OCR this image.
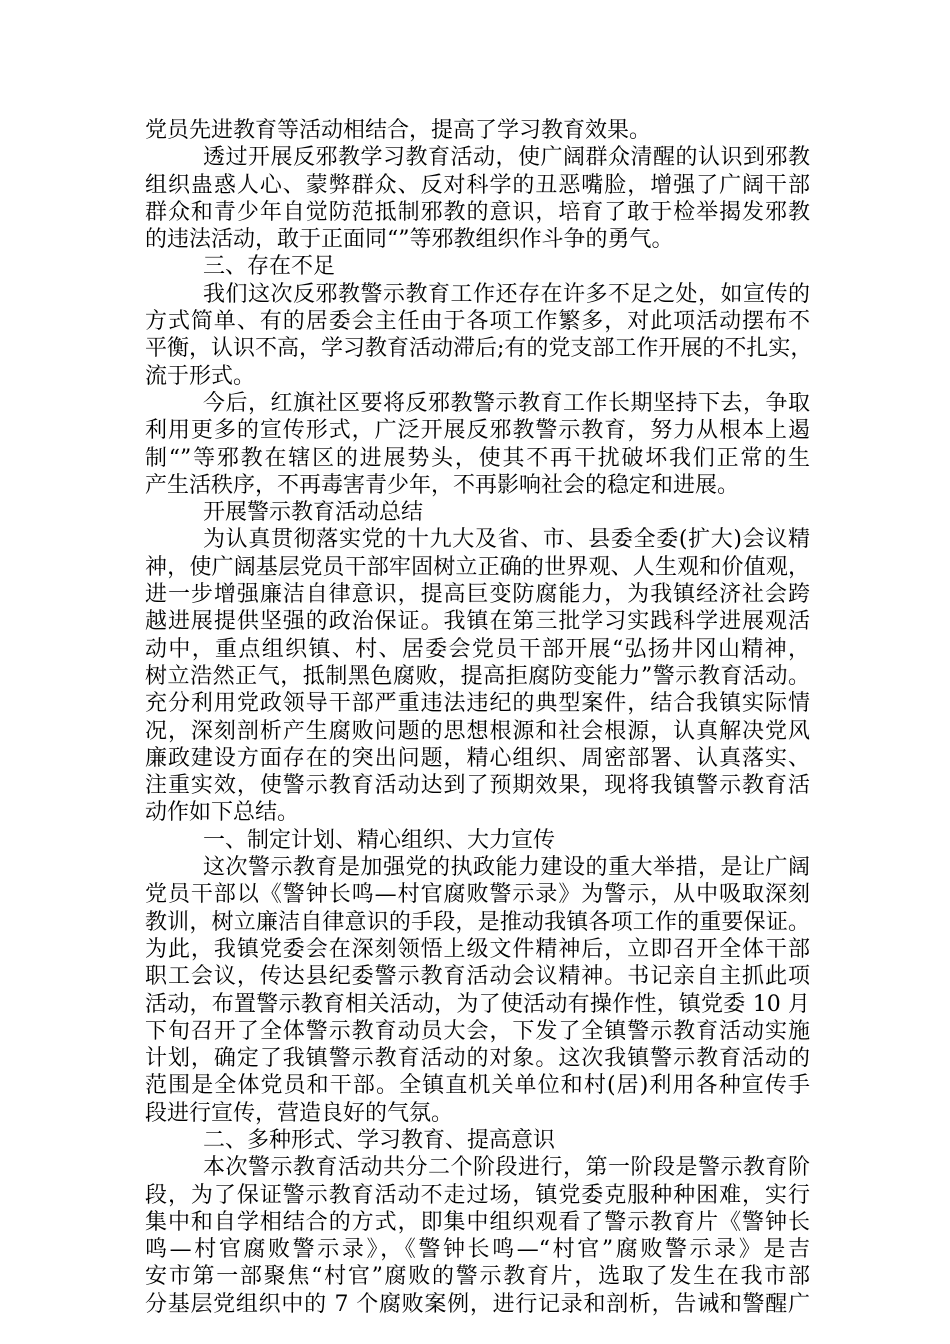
党员先进教育等活动相结合，提高了学习教育效果。
透过开展反邪教学习教育活动，使广阔群众清醒的认识到邪教
组织蛊惑人心、蒙弊群众、反对科学的丑恶嘴脸，增强了广阔干部
群众和青少年自觉防范抵制邪教的意识，培育了敢于检举揭发邪教
的违法活动，敢于正面同“”等邪教组织作斗争的勇气。
三、存在不足
我们这次反邪教警示教育工作还存在许多不足之处，如宣传的
方式简单、有的居委会主任由于各项工作繁多，对此项活动摆布不
平衡，认识不高，学习教育活动滞后;有的党支部工作开展的不扎实，
流于形式。
今后，红旗社区要将反邪教警示教育工作长期坚持下去，争取
利用更多的宣传形式，广泛开展反邪教警示教育，努力从根本上遏
制“”等邪教在辖区的进展势头，使其不再干扰破坏我们正常的生
产生活秩序，不再毒害青少年，不再影响社会的稳定和进展。
开展警示教育活动总结
为认真贯彻落实党的十九大及省、市、县委全委(扩大)会议精
神，使广阔基层党员干部牢固树立正确的世界观、人生观和价值观，
进一步增强廉洁自律意识，提高巨变防腐能力，为我镇经济社会跨
越进展提供坚强的政治保证。我镇在第三批学习实践科学进展观活
动中，重点组织镇、村、居委会党员干部开展“弘扬井冈山精神，
树立浩然正气，抵制黑色腐败，提高拒腐防变能力”警示教育活动。
充分利用党政领导干部严重违法违纪的典型案件，结合我镇实际情
况，深刻剖析产生腐败问题的思想根源和社会根源，认真解决党风
廉政建设方面存在的突出问题，精心组织、周密部署、认真落实、
注重实效，使警示教育活动达到了预期效果，现将我镇警示教育活
动作如下总结。
一、制定计划、精心组织、大力宣传
这次警示教育是加强党的执政能力建设的重大举措，是让广阔
党员干部以《警钟长鸣—村官腐败警示录》为警示，从中吸取深刻
教训，树立廉洁自律意识的手段，是推动我镇各项工作的重要保证。
为此，我镇党委会在深刻领悟上级文件精神后，立即召开全体干部
职工会议，传达县纪委警示教育活动会议精神。书记亲自主抓此项
活动，布置警示教育相关活动，为了使活动有操作性，镇党委 10 月
下旬召开了全体警示教育动员大会，下发了全镇警示教育活动实施
计划，确定了我镇警示教育活动的对象。这次我镇警示教育活动的
范围是全体党员和干部。全镇直机关单位和村(居)利用各种宣传手
段进行宣传，营造良好的气氛。
二、多种形式、学习教育、提高意识
本次警示教育活动共分二个阶段进行，第一阶段是警示教育阶
段，为了保证警示教育活动不走过场，镇党委克服种种困难，实行
集中和自学相结合的方式，即集中组织观看了警示教育片《警钟长
鸣—村官腐败警示录》，《警钟长鸣—“村官”腐败警示录》是吉
安市第一部聚焦“村官”腐败的警示教育片，选取了发生在我市部
分基层党组织中的 7 个腐败案例，进行记录和剖析，告诫和警醒广
